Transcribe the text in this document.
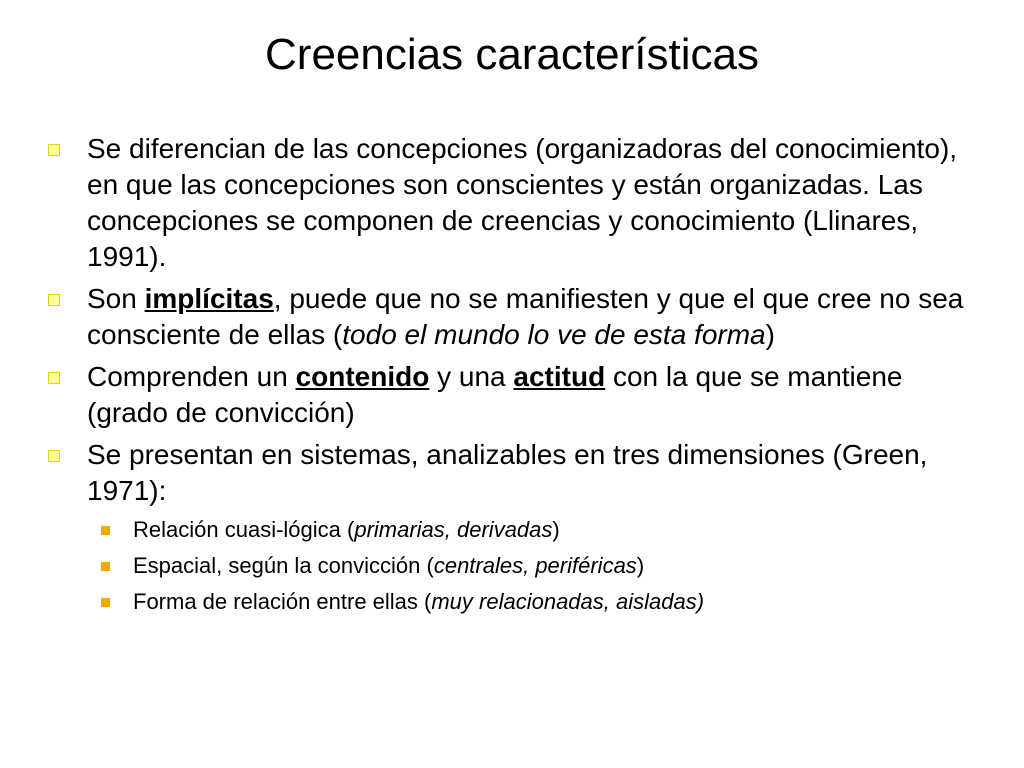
Creencias características
Se diferencian de las concepciones (organizadoras del conocimiento), en que las concepciones son conscientes y están organizadas. Las concepciones se componen de creencias y conocimiento (Llinares, 1991).
Son implícitas, puede que no se manifiesten y que el que cree no sea consciente de ellas (todo el mundo lo ve de esta forma)
Comprenden un contenido y una actitud con la que se mantiene (grado de convicción)
Se presentan en sistemas, analizables en tres dimensiones (Green, 1971):
Relación cuasi-lógica (primarias, derivadas)
Espacial, según la convicción (centrales, periféricas)
Forma de relación entre ellas (muy relacionadas, aisladas)
